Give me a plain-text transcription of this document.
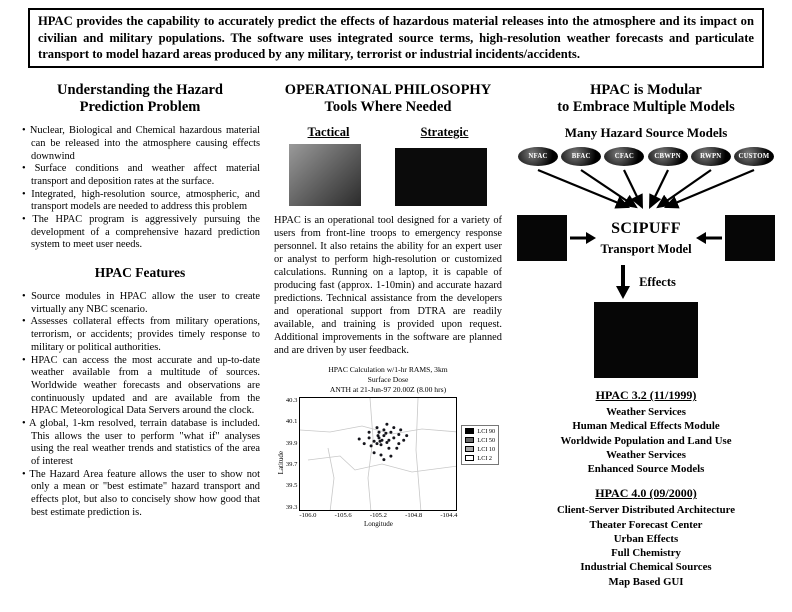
HPAC provides the capability to accurately predict the effects of hazardous material releases into the atmosphere and its impact on civilian and military populations. The software uses integrated source terms, high-resolution weather forecasts and particulate transport to model hazard areas produced by any military, terrorist or industrial incidents/accidents.
Understanding the Hazard
Prediction Problem
• Nuclear, Biological and Chemical hazardous material can be released into the atmosphere causing effects downwind
• Surface conditions and weather affect material transport and deposition rates at the surface.
• Integrated, high-resolution source, atmospheric, and transport models are needed to address this problem
• The HPAC program is aggressively pursuing the development of a comprehensive hazard prediction system to meet user needs.
HPAC Features
• Source modules in HPAC allow the user to create virtually any NBC scenario.
• Assesses collateral effects from military operations, terrorism, or accidents; provides timely response to military or political authorities.
• HPAC can access the most accurate and up-to-date weather available from a multitude of sources. Worldwide weather forecasts and observations are continuously updated and are available from the HPAC Meteorological Data Servers around the clock.
• A global, 1-km resolved, terrain database is included. This allows the user to perform "what if" analyses using the real weather trends and statistics of the area of interest
• The Hazard Area feature allows the user to show not only a mean or "best estimate" hazard transport and effects plot, but also to concisely show how good that best estimate prediction is.
OPERATIONAL PHILOSOPHY
Tools Where Needed
Tactical	Strategic

HPAC is an operational tool designed for a variety of users from front-line troops to emergency response personnel. It also retains the ability for an expert user or analyst to perform high-resolution or customized calculations. Running on a laptop, it is capable of producing fast (approx. 1-10min) and accurate hazard predictions. Technical assistance from the developers and operational support from DTRA are readily available, and training is provided upon request. Additional improvements in the software are planned and are driven by user feedback.

HPAC Calculation w/1-hr RAMS, 3km
Surface Dose
ANTH at 21-Jun-97 20.00Z (8.00 hrs)
Latitude
40.3
40.1
39.9
39.7
39.5
39.3
-106.0	-105.6	-105.2	-104.8	-104.4
Longitude
LCI 90
LCI 50
LCI 10
LCI 2
HPAC is Modular
to Embrace Multiple Models
Many Hazard Source Models
NFAC	BFAC	CFAC	CBWPN	RWPN	CUSTOM
SCIPUFF
Transport Model
Effects
HPAC 3.2 (11/1999)
Weather Services
Human Medical Effects Module
Worldwide Population and Land Use
Weather Services
Enhanced Source Models
HPAC 4.0 (09/2000)
Client-Server Distributed Architecture
Theater Forecast Center
Urban Effects
Full Chemistry
Industrial Chemical Sources
Map Based GUI
